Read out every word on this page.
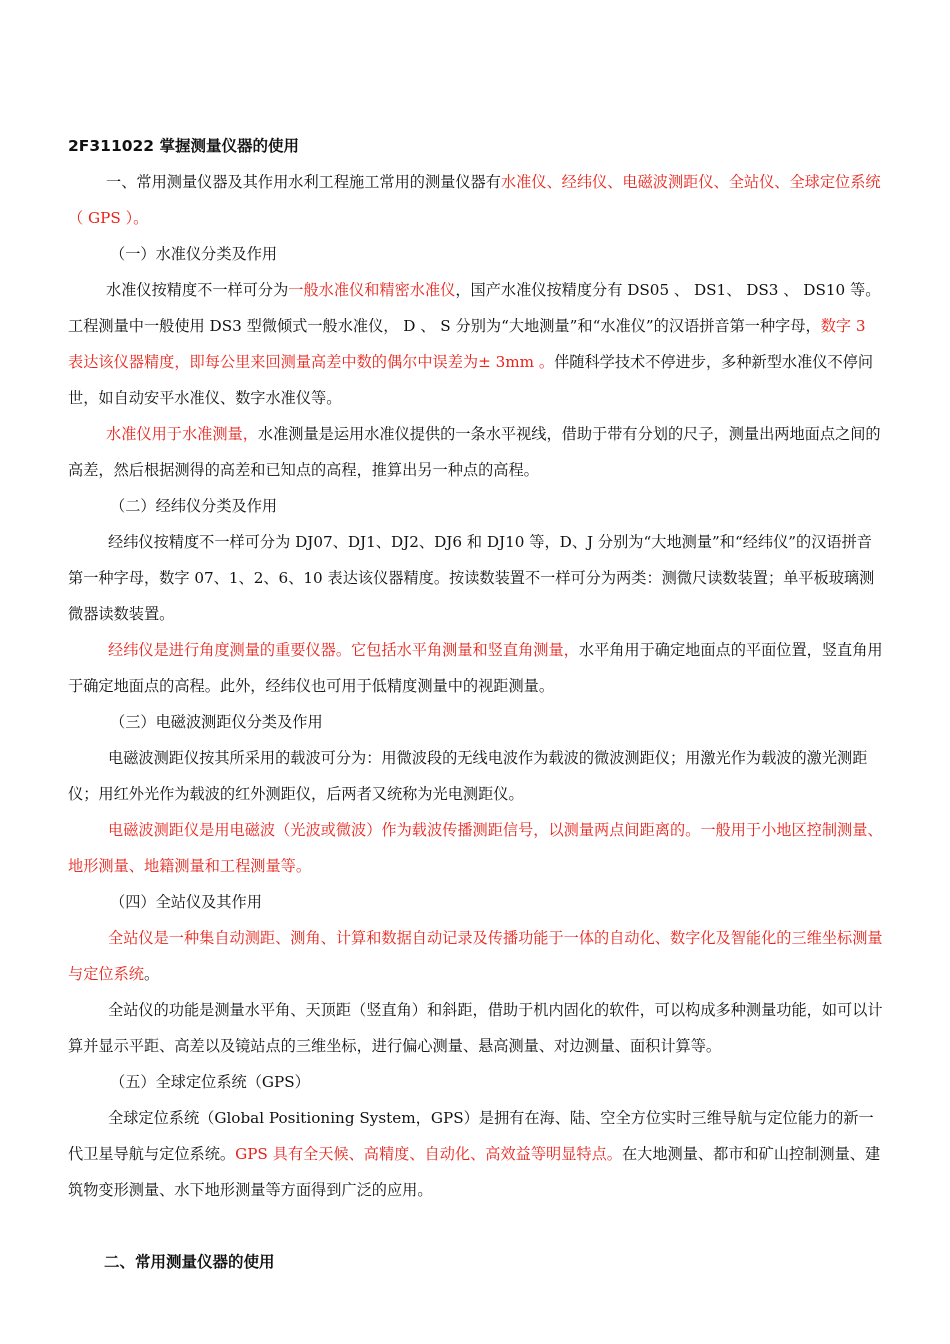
2F311022 掌握测量仪器的使用

一、常用测量仪器及其作用水利工程施工常用的测量仪器有水准仪、经纬仪、电磁波测距仪、全站仪、全球定位系统（ GPS ）。

（一）水准仪分类及作用

水准仪按精度不一样可分为一般水准仪和精密水准仪，国产水准仪按精度分有 DS05 、 DS1、 DS3 、 DS10 等。工程测量中一般使用 DS3 型微倾式一般水准仪， D 、 S 分别为“大地测量”和“水准仪”的汉语拼音第一种字母，数字 3 表达该仪器精度，即每公里来回测量高差中数的偶尔中误差为± 3mm 。伴随科学技术不停进步，多种新型水准仪不停问世，如自动安平水准仪、数字水准仪等。

水准仪用于水准测量，水准测量是运用水准仪提供的一条水平视线，借助于带有分划的尺子，测量出两地面点之间的高差，然后根据测得的高差和已知点的高程，推算出另一种点的高程。

（二）经纬仪分类及作用

经纬仪按精度不一样可分为 DJ07、DJ1、DJ2、DJ6 和 DJ10 等，D、J 分别为“大地测量”和“经纬仪”的汉语拼音第一种字母，数字 07、1、2、6、10 表达该仪器精度。按读数装置不一样可分为两类：测微尺读数装置；单平板玻璃测微器读数装置。

经纬仪是进行角度测量的重要仪器。它包括水平角测量和竖直角测量，水平角用于确定地面点的平面位置，竖直角用于确定地面点的高程。此外，经纬仪也可用于低精度测量中的视距测量。

（三）电磁波测距仪分类及作用

电磁波测距仪按其所采用的载波可分为：用微波段的无线电波作为载波的微波测距仪；用激光作为载波的激光测距仪；用红外光作为载波的红外测距仪，后两者又统称为光电测距仪。

电磁波测距仪是用电磁波（光波或微波）作为载波传播测距信号，以测量两点间距离的。一般用于小地区控制测量、地形测量、地籍测量和工程测量等。

（四）全站仪及其作用

全站仪是一种集自动测距、测角、计算和数据自动记录及传播功能于一体的自动化、数字化及智能化的三维坐标测量与定位系统。

全站仪的功能是测量水平角、天顶距（竖直角）和斜距，借助于机内固化的软件，可以构成多种测量功能，如可以计算并显示平距、高差以及镜站点的三维坐标，进行偏心测量、悬高测量、对边测量、面积计算等。

（五）全球定位系统（GPS）

全球定位系统（Global Positioning System，GPS）是拥有在海、陆、空全方位实时三维导航与定位能力的新一代卫星导航与定位系统。GPS 具有全天候、高精度、自动化、高效益等明显特点。在大地测量、都市和矿山控制测量、建筑物变形测量、水下地形测量等方面得到广泛的应用。

二、常用测量仪器的使用
